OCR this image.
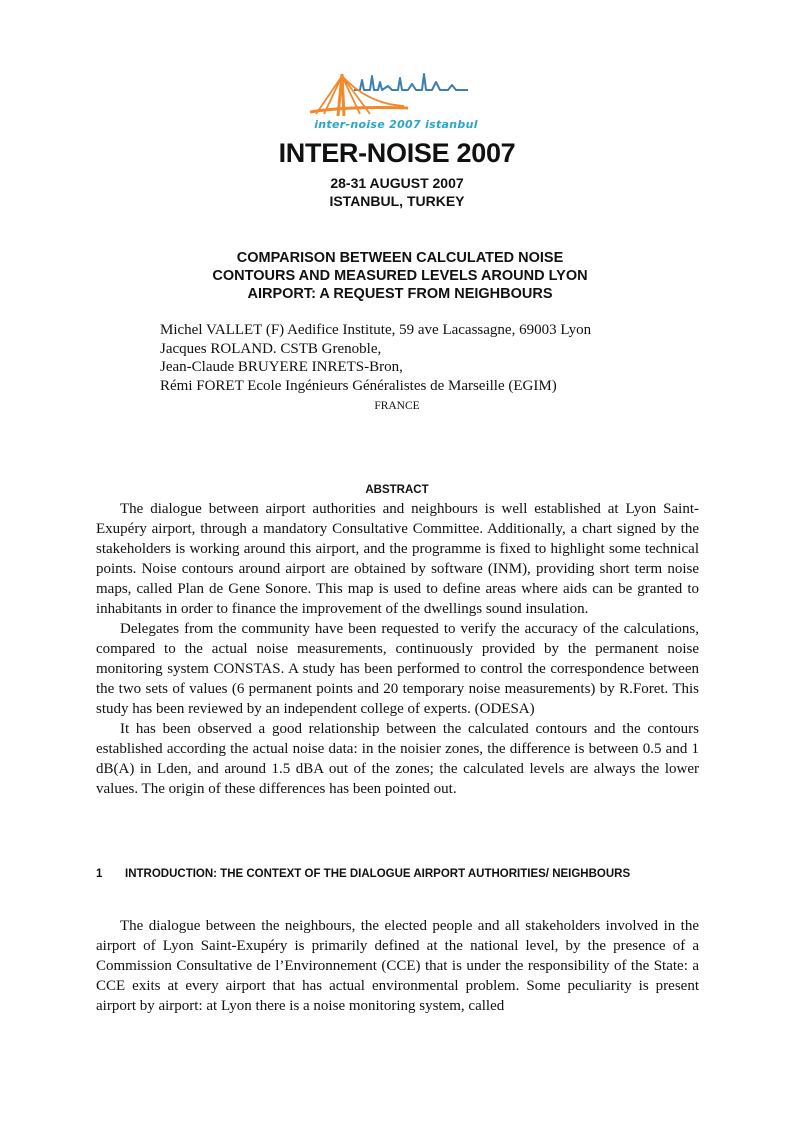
inter-noise 2007 istanbul
INTER-NOISE 2007
28-31 AUGUST 2007
ISTANBUL, TURKEY
COMPARISON BETWEEN CALCULATED NOISE
CONTOURS AND MEASURED LEVELS AROUND LYON
AIRPORT: A REQUEST FROM NEIGHBOURS
Michel VALLET (F) Aedifice Institute, 59 ave Lacassagne, 69003 Lyon
Jacques ROLAND. CSTB Grenoble,
Jean-Claude BRUYERE INRETS-Bron,
Rémi FORET Ecole Ingénieurs Généralistes de Marseille (EGIM)
FRANCE
ABSTRACT

The dialogue between airport authorities and neighbours is well established at Lyon Saint-Exupéry airport, through a mandatory Consultative Committee. Additionally, a chart signed by the stakeholders is working around this airport, and the programme is fixed to highlight some technical points. Noise contours around airport are obtained by software (INM), providing short term noise maps, called Plan de Gene Sonore. This map is used to define areas where aids can be granted to inhabitants in order to finance the improvement of the dwellings sound insulation.

Delegates from the community have been requested to verify the accuracy of the calculations, compared to the actual noise measurements, continuously provided by the permanent noise monitoring system CONSTAS. A study has been performed to control the correspondence between the two sets of values (6 permanent points and 20 temporary noise measurements) by R.Foret. This study has been reviewed by an independent college of experts. (ODESA)

It has been observed a good relationship between the calculated contours and the contours established according the actual noise data: in the noisier zones, the difference is between 0.5 and 1 dB(A) in Lden, and around 1.5 dBA out of the zones; the calculated levels are always the lower values. The origin of these differences has been pointed out.

1	INTRODUCTION: THE CONTEXT OF THE DIALOGUE AIRPORT AUTHORITIES/ NEIGHBOURS

The dialogue between the neighbours, the elected people and all stakeholders involved in the airport of Lyon Saint-Exupéry is primarily defined at the national level, by the presence of a Commission Consultative de l’Environnement (CCE) that is under the responsibility of the State: a CCE exits at every airport that has actual environmental problem. Some peculiarity is present airport by airport: at Lyon there is a noise monitoring system, called
